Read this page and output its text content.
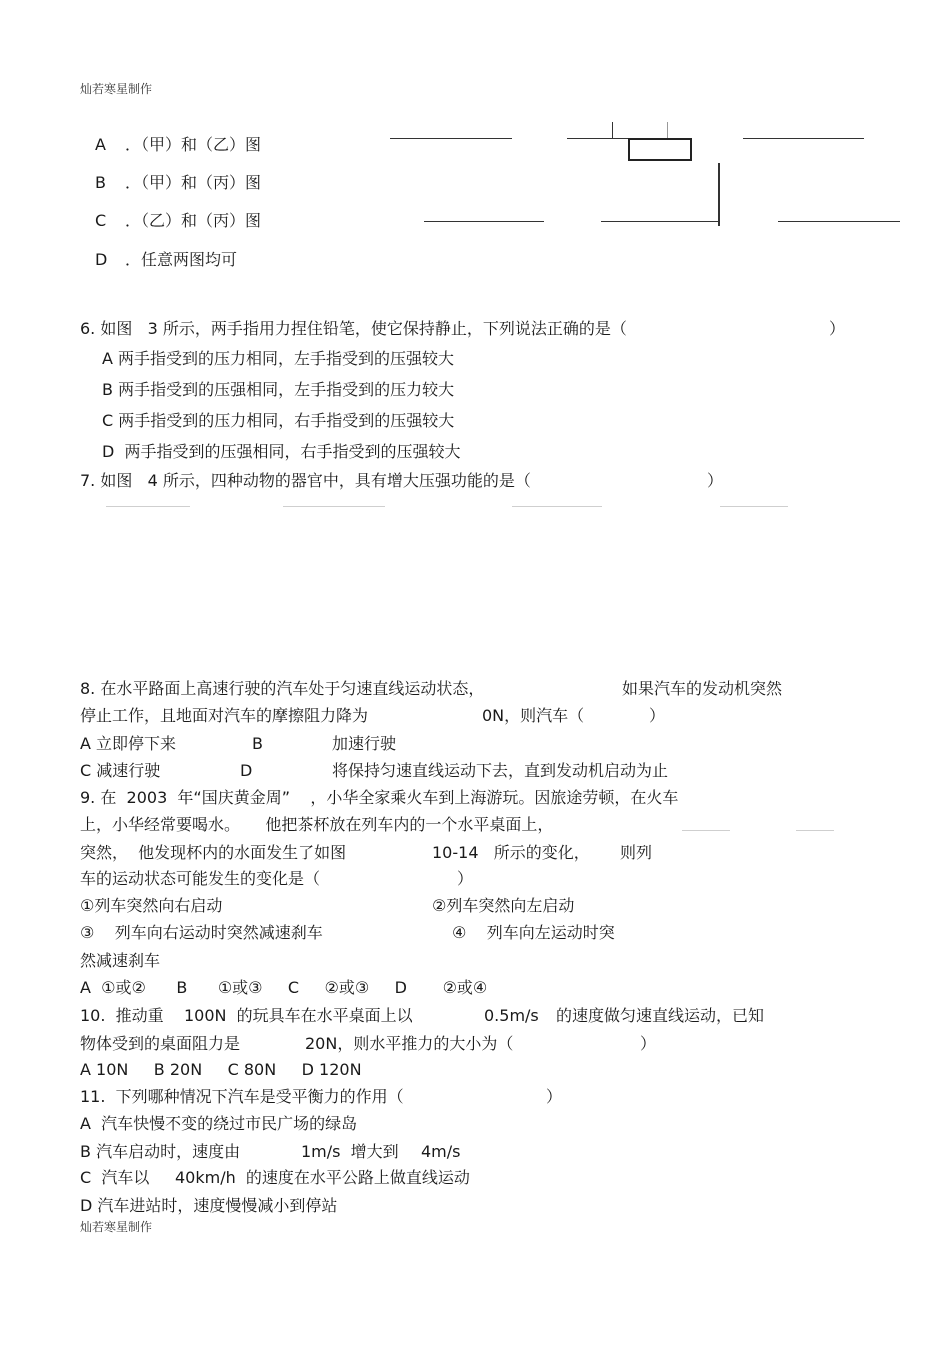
灿若寒星制作
A ．（甲）和（乙）图
B ．（甲）和（丙）图
C ．（乙）和（丙）图
D ．任意两图均可
6. 如图   3 所示，两手指用力捏住铅笔，使它保持静止，下列说法正确的是（	）
A 两手指受到的压力相同，左手指受到的压强较大
B 两手指受到的压强相同，左手指受到的压力较大
C 两手指受到的压力相同，右手指受到的压强较大
D  两手指受到的压强相同，右手指受到的压强较大
7. 如图   4 所示，四种动物的器官中，具有增大压强功能的是（	）
8. 在水平路面上高速行驶的汽车处于匀速直线运动状态，	如果汽车的发动机突然
停止工作，且地面对汽车的摩擦阻力降为	0N，则汽车（	）
A 立即停下来	B	加速行驶
C 减速行驶	D	将保持匀速直线运动下去，直到发动机启动为止
9. 在  2003  年“国庆黄金周”    ，小华全家乘火车到上海游玩。因旅途劳顿，在火车
上，小华经常要喝水。     他把茶杯放在列车内的一个水平桌面上，
突然，  他发现杯内的水面发生了如图	10-14   所示的变化， 则列
车的运动状态可能发生的变化是（	）
①列车突然向右启动	②列车突然向左启动
③    列车向右运动时突然减速刹车	④    列车向左运动时突
然减速刹车
A  ①或②      B      ①或③     C     ②或③     D       ②或④
10.  推动重    100N  的玩具车在水平桌面上以	0.5m/s 的速度做匀速直线运动，已知
物体受到的桌面阻力是	20N，则水平推力的大小为（	）
A 10N     B 20N     C 80N     D 120N
11.  下列哪种情况下汽车是受平衡力的作用（	）
A  汽车快慢不变的绕过市民广场的绿岛
B 汽车启动时，速度由	1m/s  增大到 4m/s
C  汽车以 40km/h  的速度在水平公路上做直线运动
D 汽车进站时，速度慢慢减小到停站
灿若寒星制作
